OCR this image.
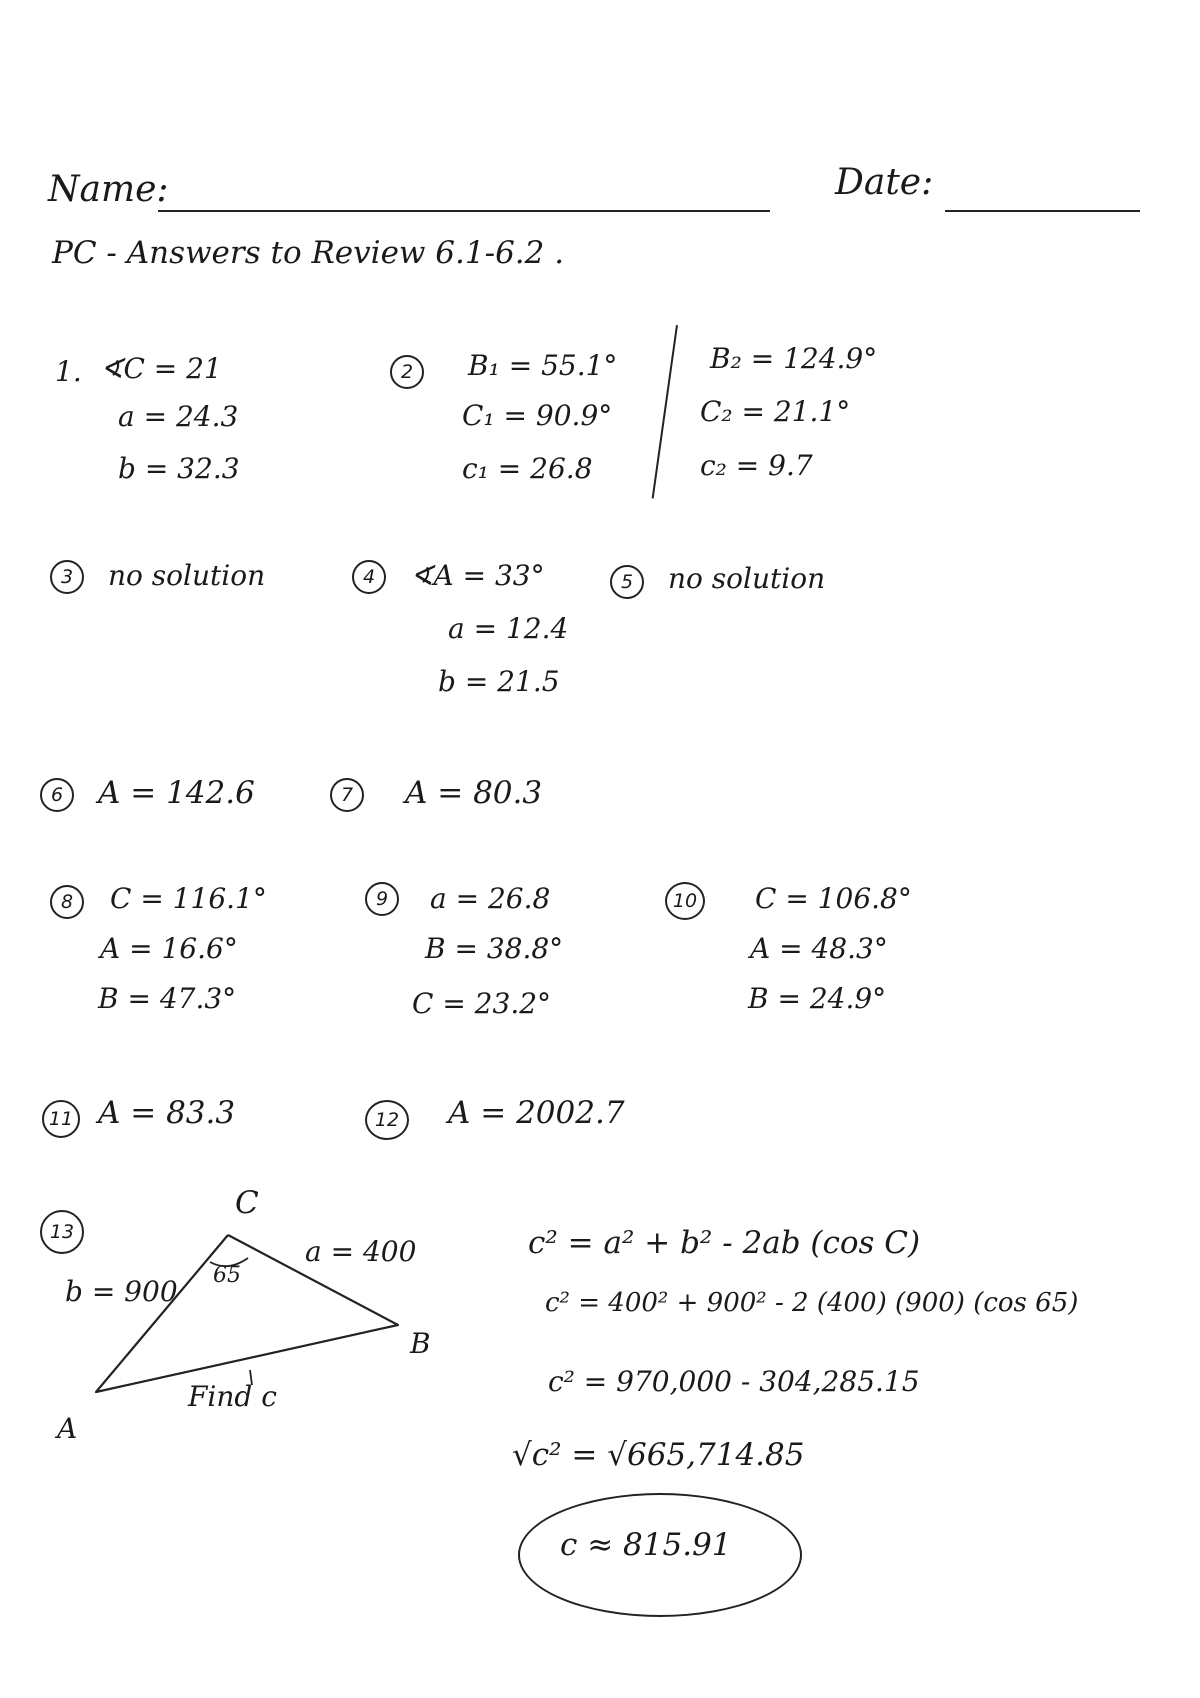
Name:	Date:
PC - Answers to Review 6.1-6.2 .
1. ∢C = 21
a = 24.3
b = 32.3
2	B₁ = 55.1°
C₁ = 90.9°
c₁ = 26.8
B₂ = 124.9°
C₂ = 21.1°
c₂ = 9.7
3	no solution	4	∢A = 33°
a = 12.4
b = 21.5
5	no solution
6	A = 142.6	7	A = 80.3
8	C = 116.1°
A = 16.6°
B = 47.3°
9	a = 26.8
B = 38.8°
C = 23.2°
10 C = 106.8°
A = 48.3°
B = 24.9°
11 A = 83.3	12	A = 2002.7
13
C
A
B
a = 400
b = 900 65
Find c
c² = a² + b² - 2ab (cos C)
c² = 400² + 900² - 2 (400) (900) (cos 65)
c² = 970,000 - 304,285.15
√c² = √665,714.85
c ≈ 815.91
